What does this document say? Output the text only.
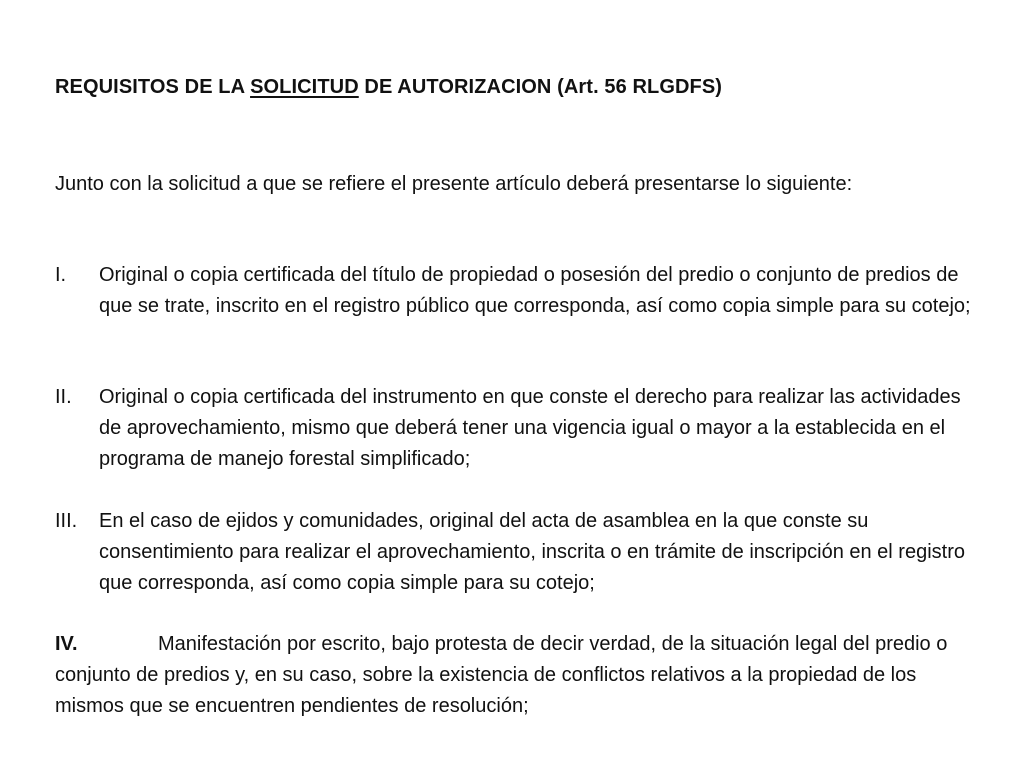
REQUISITOS DE LA SOLICITUD DE AUTORIZACION (Art. 56 RLGDFS)
Junto con la solicitud a que se refiere el presente artículo deberá presentarse lo siguiente:
I. Original o copia certificada del título de propiedad o posesión del predio o conjunto de predios de que se trate, inscrito en el registro público que corresponda, así como copia simple para su cotejo;
II. Original o copia certificada del instrumento en que conste el derecho para realizar las actividades de aprovechamiento, mismo que deberá tener una vigencia igual o mayor a la establecida en el programa de manejo forestal simplificado;
III. En el caso de ejidos y comunidades, original del acta de asamblea en la que conste su consentimiento para realizar el aprovechamiento, inscrita o en trámite de inscripción en el registro que corresponda, así como copia simple para su cotejo;
IV.	Manifestación por escrito, bajo protesta de decir verdad, de la situación legal del predio o conjunto de predios y, en su caso, sobre la existencia de conflictos relativos a la propiedad de los mismos que se encuentren pendientes de resolución;
